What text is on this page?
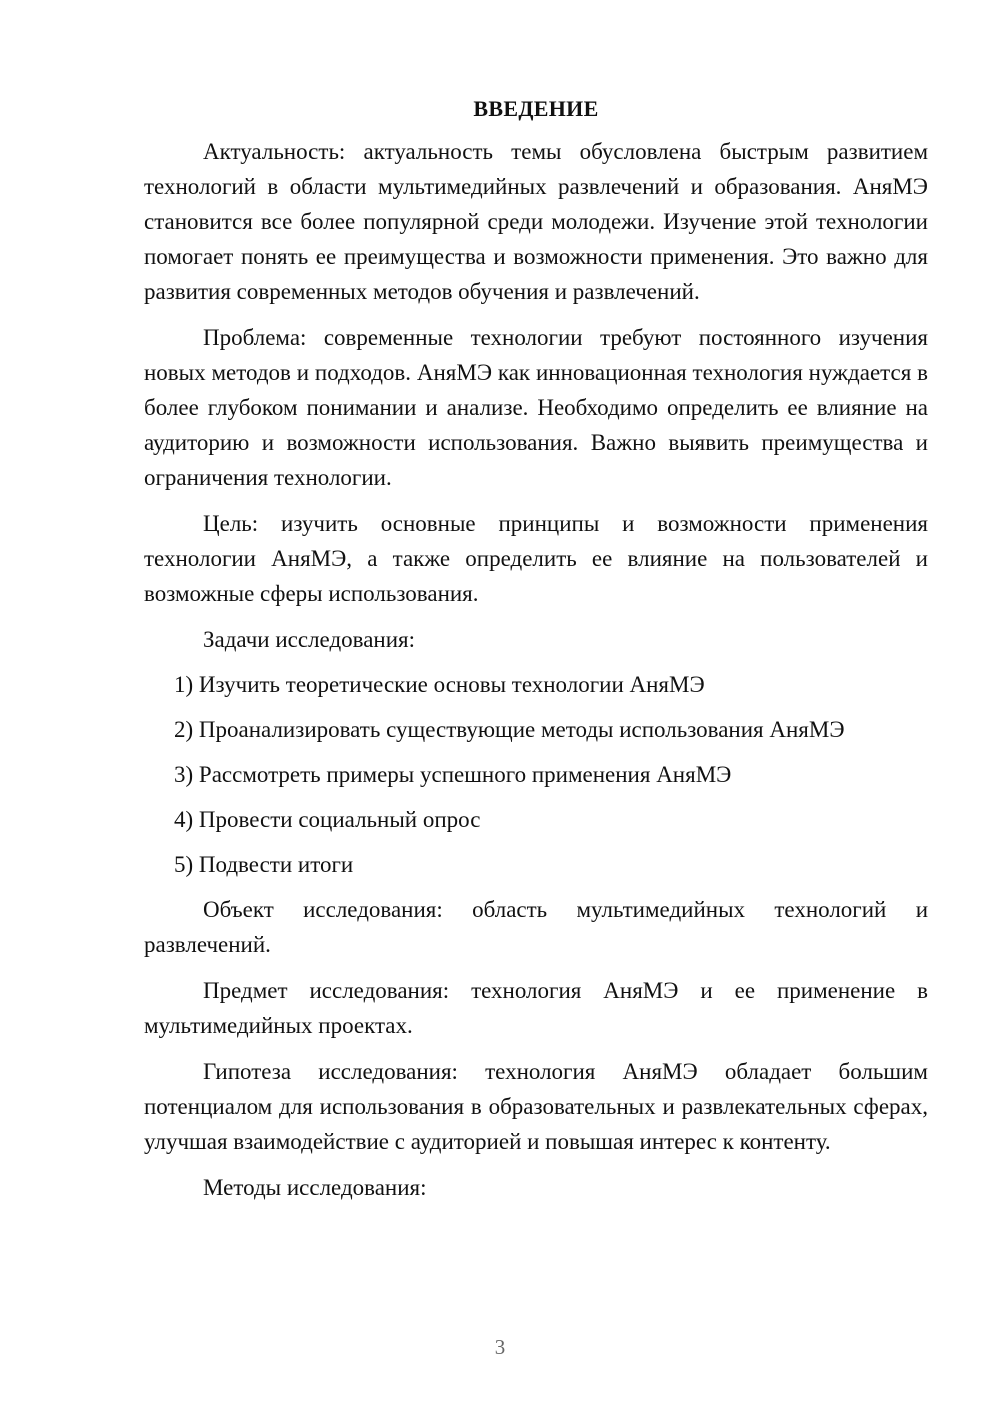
ВВЕДЕНИЕ

Актуальность: актуальность темы обусловлена быстрым развитием технологий в области мультимедийных развлечений и образования. АняМЭ становится все более популярной среди молодежи. Изучение этой технологии помогает понять ее преимущества и возможности применения. Это важно для развития современных методов обучения и развлечений.

Проблема: современные технологии требуют постоянного изучения новых методов и подходов. АняМЭ как инновационная технология нуждается в более глубоком понимании и анализе. Необходимо определить ее влияние на аудиторию и возможности использования. Важно выявить преимущества и ограничения технологии.

Цель: изучить основные принципы и возможности применения технологии АняМЭ, а также определить ее влияние на пользователей и возможные сферы использования.

Задачи исследования:

1) Изучить теоретические основы технологии АняМЭ
2) Проанализировать существующие методы использования АняМЭ
3) Рассмотреть примеры успешного применения АняМЭ
4) Провести социальный опрос
5) Подвести итоги

Объект исследования: область мультимедийных технологий и развлечений.

Предмет исследования: технология АняМЭ и ее применение в мультимедийных проектах.

Гипотеза исследования: технология АняМЭ обладает большим потенциалом для использования в образовательных и развлекательных сферах, улучшая взаимодействие с аудиторией и повышая интерес к контенту.

Методы исследования:

3
